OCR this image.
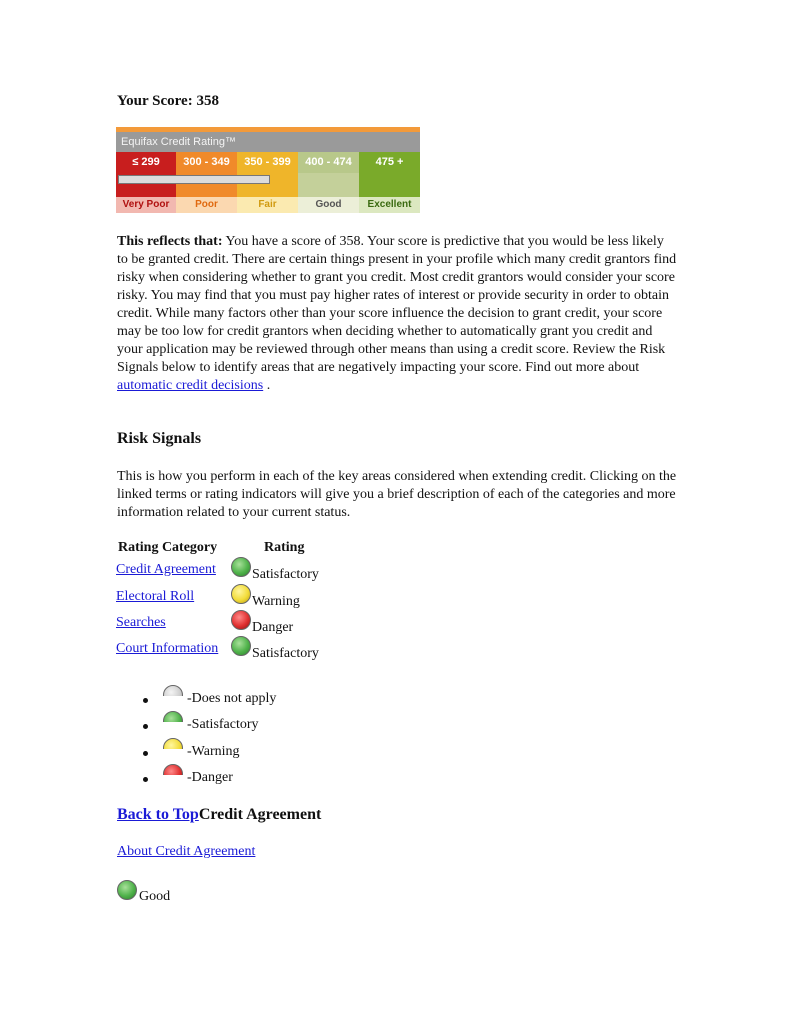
Your Score: 358
Equifax Credit Rating™
≤ 299
Very Poor
300 - 349
Poor
350 - 399
Fair
400 - 474
Good
475 +
Excellent

This reflects that: You have a score of 358. Your score is predictive that you would be less likely to be granted credit. There are certain things present in your profile which many credit grantors find risky when considering whether to grant you credit. Most credit grantors would consider your score risky. You may find that you must pay higher rates of interest or provide security in order to obtain credit. While many factors other than your score influence the decision to grant credit, your score may be too low for credit grantors when deciding whether to automatically grant you credit and your application may be reviewed through other means than using a credit score. Review the Risk Signals below to identify areas that are negatively impacting your score. Find out more about automatic credit decisions .

Risk Signals

This is how you perform in each of the key areas considered when extending credit. Clicking on the linked terms or rating indicators will give you a brief description of each of the categories and more information related to your current status.

Rating Category	Rating
Credit Agreement	Satisfactory
Electoral Roll	Warning
Searches	Danger
Court Information Satisfactory
-Does not apply
-Satisfactory
-Warning
-Danger
Back to TopCredit Agreement
About Credit Agreement
Good
